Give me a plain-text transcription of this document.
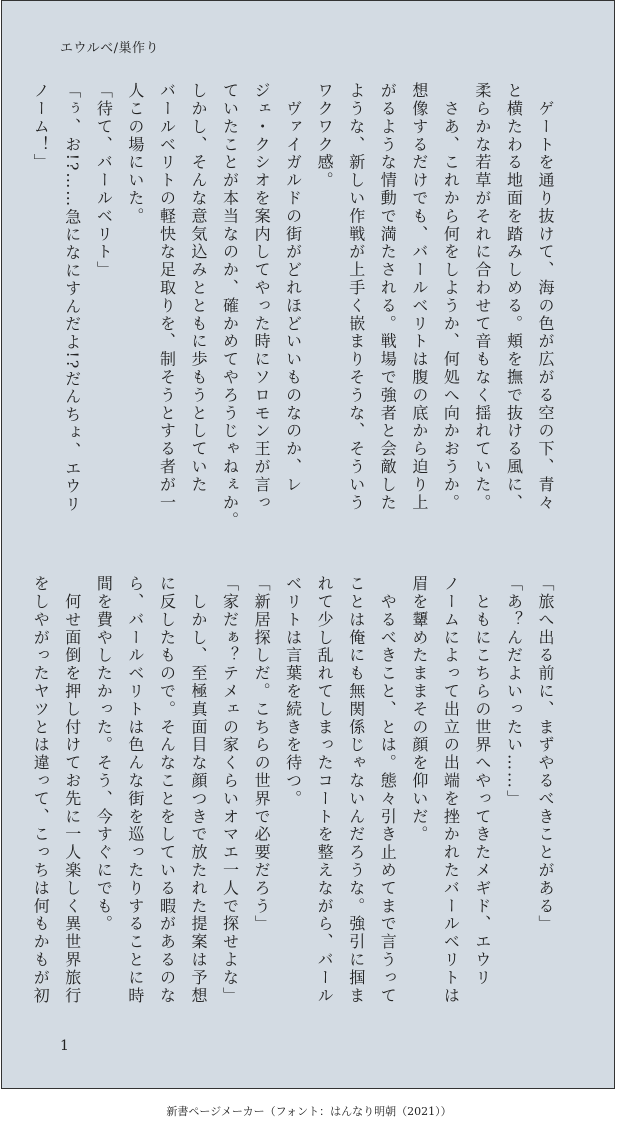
エウルベ/巣作り
　ゲートを通り抜けて、海の色が広がる空の下、青々
と横たわる地面を踏みしめる。頬を撫で抜ける風に、
柔らかな若草がそれに合わせて音もなく揺れていた。
　さあ、これから何をしようか、何処へ向かおうか。
想像するだけでも、バールベリトは腹の底から迫り上
がるような情動で満たされる。戦場で強者と会敵した
ような、新しい作戦が上手く嵌まりそうな、そういう
ワクワク感。
　ヴァイガルドの街がどれほどいいものなのか、レ
ジェ・クシオを案内してやった時にソロモン王が言っ
ていたことが本当なのか、確かめてやろうじゃねぇか。
しかし、そんな意気込みとともに歩もうとしていた
バールベリトの軽快な足取りを、制そうとする者が一
人この場にいた。
「待て、バールベリト」
「ぅ、お!?……急になにすんだよ!?だんちょ、エウリ
ノーム！」
「旅へ出る前に、まずやるべきことがある」
「あ？んだよいったい……」
　ともにこちらの世界へやってきたメギド、エウリ
ノームによって出立の出端を挫かれたバールベリトは
眉を顰めたままその顔を仰いだ。
　やるべきこと、とは。態々引き止めてまで言うって
ことは俺にも無関係じゃないんだろうな。強引に掴ま
れて少し乱れてしまったコートを整えながら、バール
ベリトは言葉を続きを待つ。
「新居探しだ。こちらの世界で必要だろう」
「家だぁ？テメェの家くらいオマエ一人で探せよな」
　しかし、至極真面目な顔つきで放たれた提案は予想
に反したもので。そんなことをしている暇があるのな
ら、バールベリトは色んな街を巡ったりすることに時
間を費やしたかった。そう、今すぐにでも。
　何せ面倒を押し付けてお先に一人楽しく異世界旅行
をしやがったヤツとは違って、こっちは何もかもが初
1
新書ページメーカー（フォント：はんなり明朝（2021））
